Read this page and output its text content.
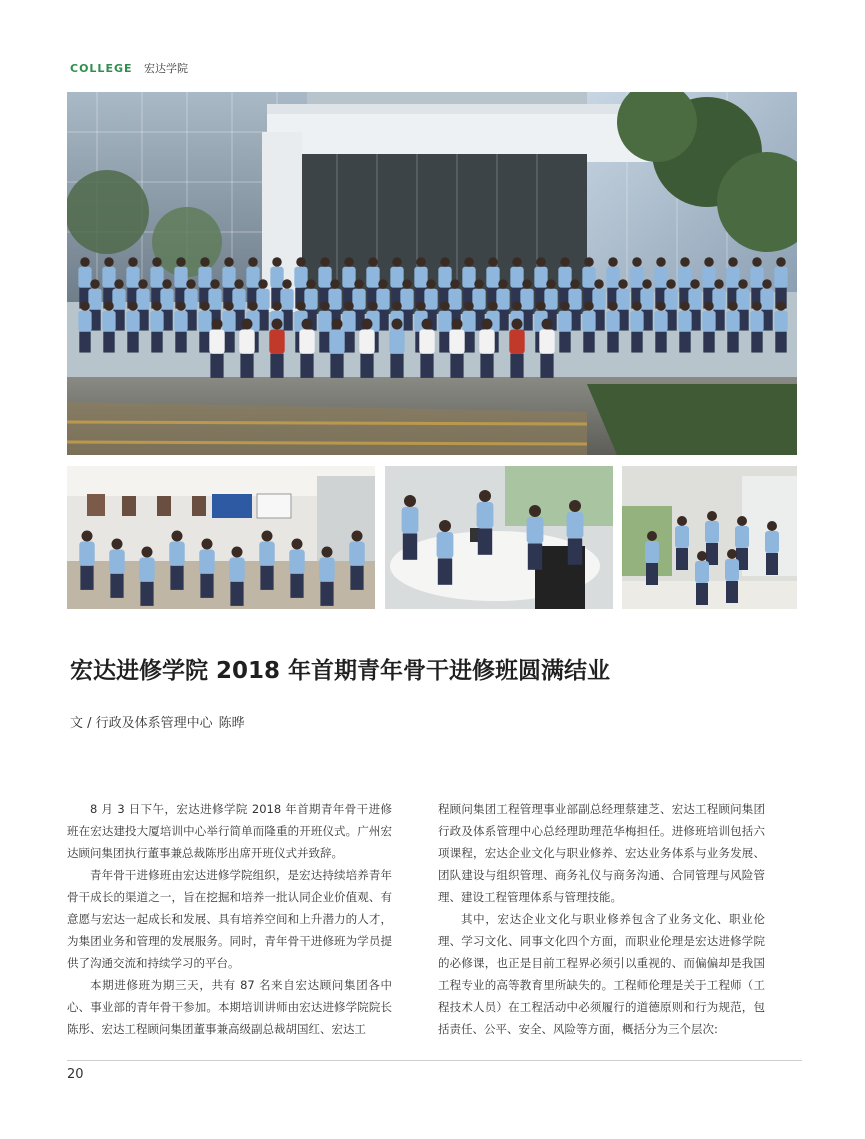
COLLEGE 宏达学院
宏达进修学院 2018 年首期青年骨干进修班圆满结业
文 / 行政及体系管理中心 陈晔

8 月 3 日下午，宏达进修学院 2018 年首期青年骨干进修班在宏达建投大厦培训中心举行简单而隆重的开班仪式。广州宏达顾问集团执行董事兼总裁陈彤出席开班仪式并致辞。

青年骨干进修班由宏达进修学院组织，是宏达持续培养青年骨干成长的渠道之一，旨在挖掘和培养一批认同企业价值观、有意愿与宏达一起成长和发展、具有培养空间和上升潜力的人才，为集团业务和管理的发展服务。同时，青年骨干进修班为学员提供了沟通交流和持续学习的平台。

本期进修班为期三天，共有 87 名来自宏达顾问集团各中心、事业部的青年骨干参加。本期培训讲师由宏达进修学院院长陈彤、宏达工程顾问集团董事兼高级副总裁胡国红、宏达工

程顾问集团工程管理事业部副总经理蔡建芝、宏达工程顾问集团行政及体系管理中心总经理助理范华梅担任。进修班培训包括六项课程，宏达企业文化与职业修养、宏达业务体系与业务发展、团队建设与组织管理、商务礼仪与商务沟通、合同管理与风险管理、建设工程管理体系与管理技能。

其中，宏达企业文化与职业修养包含了业务文化、职业伦理、学习文化、同事文化四个方面，而职业伦理是宏达进修学院的必修课，也正是目前工程界必须引以重视的、而偏偏却是我国工程专业的高等教育里所缺失的。工程师伦理是关于工程师（工程技术人员）在工程活动中必须履行的道德原则和行为规范，包括责任、公平、安全、风险等方面，概括分为三个层次:

20
